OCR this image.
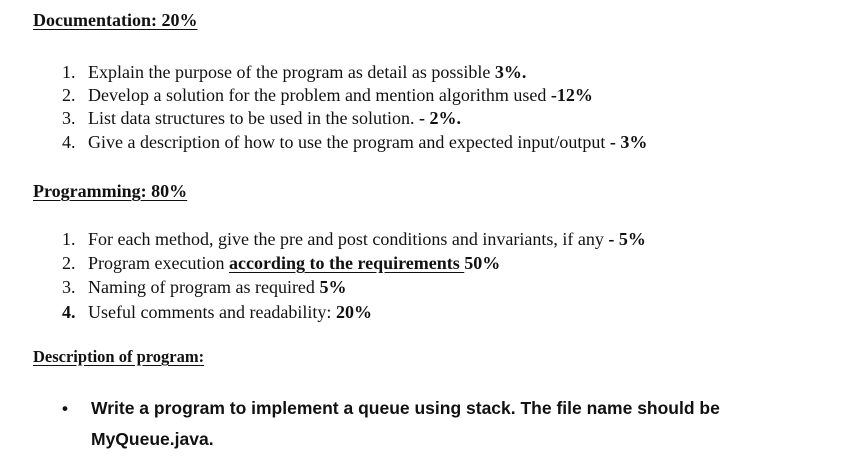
Documentation: 20%
1. Explain the purpose of the program as detail as possible 3%.
2. Develop a solution for the problem and mention algorithm used -12%
3. List data structures to be used in the solution. - 2%.
4. Give a description of how to use the program and expected input/output - 3%
Programming: 80%
1. For each method, give the pre and post conditions and invariants, if any - 5%
2. Program execution according to the requirements 50%
3. Naming of program as required 5%
4. Useful comments and readability: 20%
Description of program:
• Write a program to implement a queue using stack. The file name should be MyQueue.java.
